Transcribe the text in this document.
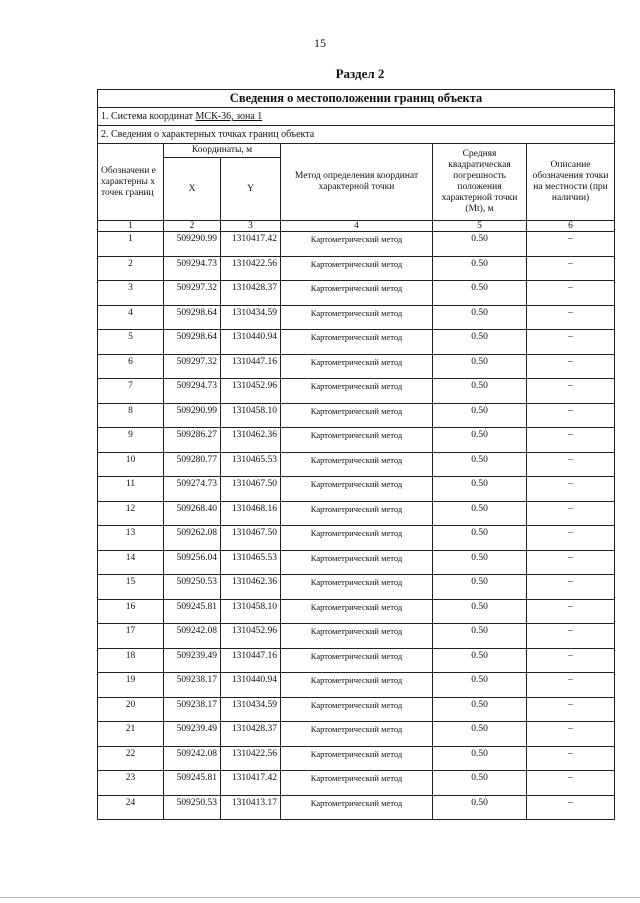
15
Раздел 2
Сведения о местоположении границ объекта					
1. Система координат МСК-36, зона 1					
2. Сведения о характерных точках границ объекта					
Обозначени е характерны х точек границ	Координаты, м		Метод определения координат характерной точки	Средняя квадратическая погрешность положения характерной точки (Mt), м	Описание обозначения точки на местности (при наличии)
	X	Y			
1	2	3	4	5	6
1	509290.99	1310417.42	Картометрический метод	0.50	–
2	509294.73	1310422.56	Картометрический метод	0.50	–
3	509297.32	1310428.37	Картометрический метод	0.50	–
4	509298.64	1310434.59	Картометрический метод	0.50	–
5	509298.64	1310440.94	Картометрический метод	0.50	–
6	509297.32	1310447.16	Картометрический метод	0.50	–
7	509294.73	1310452.96	Картометрический метод	0.50	–
8	509290.99	1310458.10	Картометрический метод	0.50	–
9	509286.27	1310462.36	Картометрический метод	0.50	–
10	509280.77	1310465.53	Картометрический метод	0.50	–
11	509274.73	1310467.50	Картометрический метод	0.50	–
12	509268.40	1310468.16	Картометрический метод	0.50	–
13	509262.08	1310467.50	Картометрический метод	0.50	–
14	509256.04	1310465.53	Картометрический метод	0.50	–
15	509250.53	1310462.36	Картометрический метод	0.50	–
16	509245.81	1310458.10	Картометрический метод	0.50	–
17	509242.08	1310452.96	Картометрический метод	0.50	–
18	509239.49	1310447.16	Картометрический метод	0.50	–
19	509238.17	1310440.94	Картометрический метод	0.50	–
20	509238.17	1310434.59	Картометрический метод	0.50	–
21	509239.49	1310428.37	Картометрический метод	0.50	–
22	509242.08	1310422.56	Картометрический метод	0.50	–
23	509245.81	1310417.42	Картометрический метод	0.50	–
24	509250.53	1310413.17	Картометрический метод	0.50	–
